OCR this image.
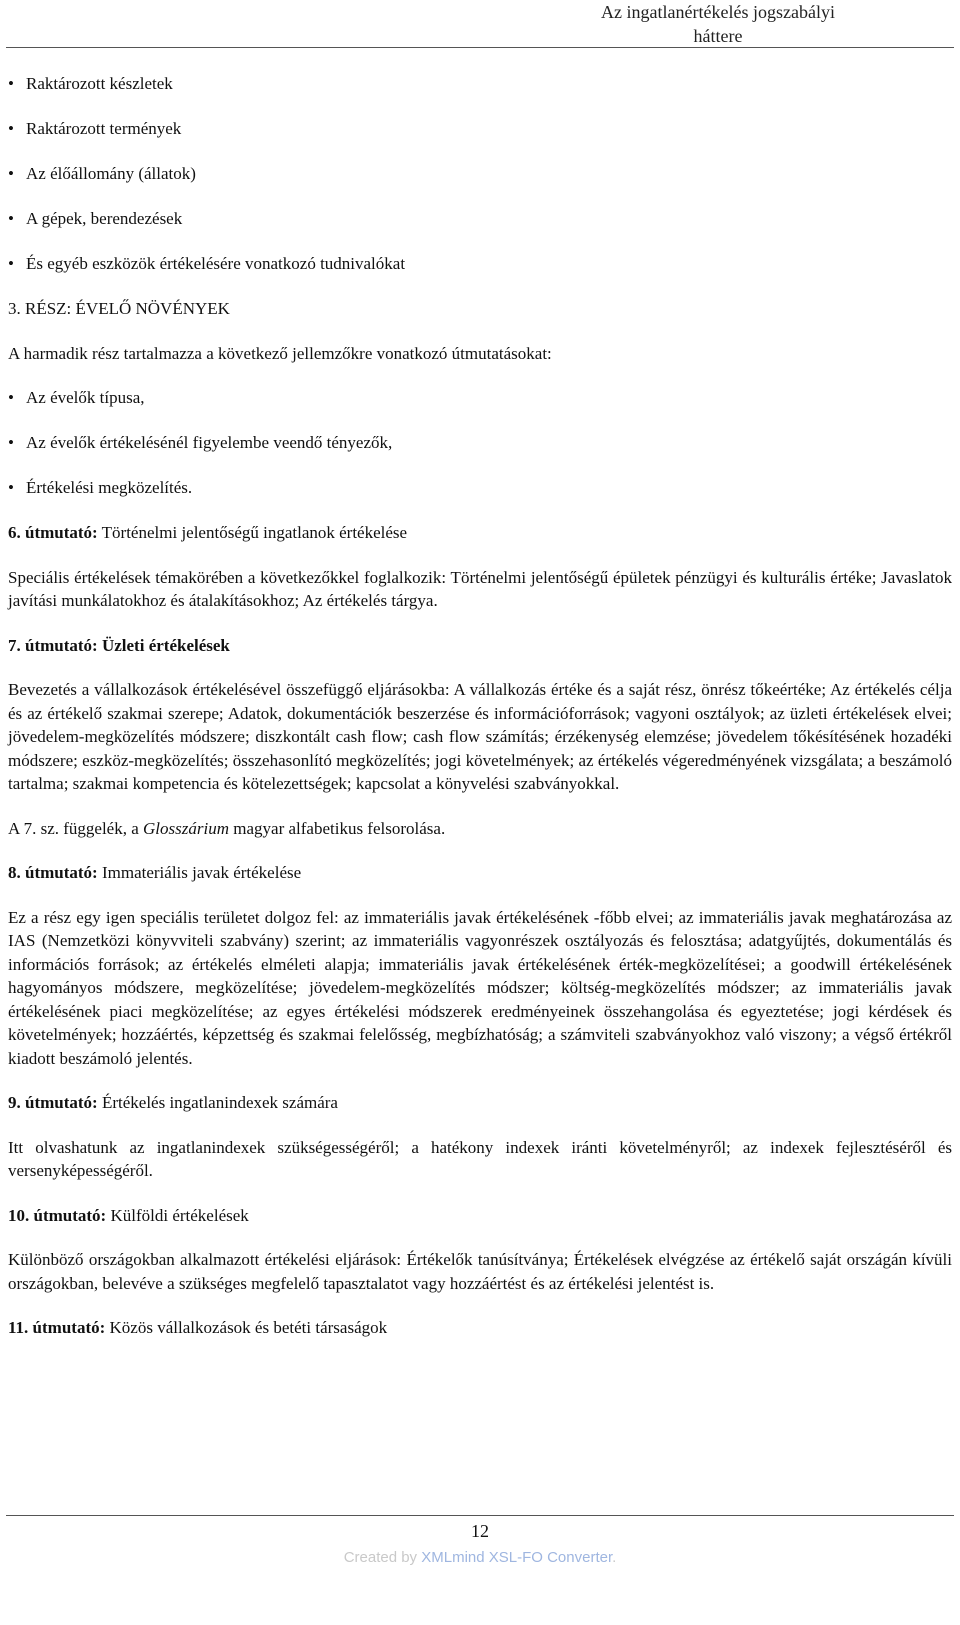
Az ingatlanértékelés jogszabályi
háttere
• Raktározott készletek
• Raktározott termények
• Az élőállomány (állatok)
• A gépek, berendezések
• És egyéb eszközök értékelésére vonatkozó tudnivalókat

3. RÉSZ: ÉVELŐ NÖVÉNYEK

A harmadik rész tartalmazza a következő jellemzőkre vonatkozó útmutatásokat:

• Az évelők típusa,
• Az évelők értékelésénél figyelembe veendő tényezők,
• Értékelési megközelítés.

6. útmutató: Történelmi jelentőségű ingatlanok értékelése

Speciális értékelések témakörében a következőkkel foglalkozik: Történelmi jelentőségű épületek pénzügyi és kulturális értéke; Javaslatok javítási munkálatokhoz és átalakításokhoz; Az értékelés tárgya.

7. útmutató: Üzleti értékelések

Bevezetés a vállalkozások értékelésével összefüggő eljárásokba: A vállalkozás értéke és a saját rész, önrész tőkeértéke; Az értékelés célja és az értékelő szakmai szerepe; Adatok, dokumentációk beszerzése és információforrások; vagyoni osztályok; az üzleti értékelések elvei; jövedelem-megközelítés módszere; diszkontált cash flow; cash flow számítás; érzékenység elemzése; jövedelem tőkésítésének hozadéki módszere; eszköz-megközelítés; összehasonlító megközelítés; jogi követelmények; az értékelés végeredményének vizsgálata; a beszámoló tartalma; szakmai kompetencia és kötelezettségek; kapcsolat a könyvelési szabványokkal.

A 7. sz. függelék, a Glosszárium magyar alfabetikus felsorolása.

8. útmutató: Immateriális javak értékelése

Ez a rész egy igen speciális területet dolgoz fel: az immateriális javak értékelésének -főbb elvei; az immateriális javak meghatározása az IAS (Nemzetközi könyvviteli szabvány) szerint; az immateriális vagyonrészek osztályozás és felosztása; adatgyűjtés, dokumentálás és információs források; az értékelés elméleti alapja; immateriális javak értékelésének érték-megközelítései; a goodwill értékelésének hagyományos módszere, megközelítése; jövedelem-megközelítés módszer; költség-megközelítés módszer; az immateriális javak értékelésének piaci megközelítése; az egyes értékelési módszerek eredményeinek összehangolása és egyeztetése; jogi kérdések és követelmények; hozzáértés, képzettség és szakmai felelősség, megbízhatóság; a számviteli szabványokhoz való viszony; a végső értékről kiadott beszámoló jelentés.

9. útmutató: Értékelés ingatlanindexek számára

Itt olvashatunk az ingatlanindexek szükségességéről; a hatékony indexek iránti követelményről; az indexek fejlesztéséről és versenyképességéről.

10. útmutató: Külföldi értékelések

Különböző országokban alkalmazott értékelési eljárások: Értékelők tanúsítványa; Értékelések elvégzése az értékelő saját országán kívüli országokban, belevéve a szükséges megfelelő tapasztalatot vagy hozzáértést és az értékelési jelentést is.

11. útmutató: Közös vállalkozások és betéti társaságok

12
Created by XMLmind XSL-FO Converter.
